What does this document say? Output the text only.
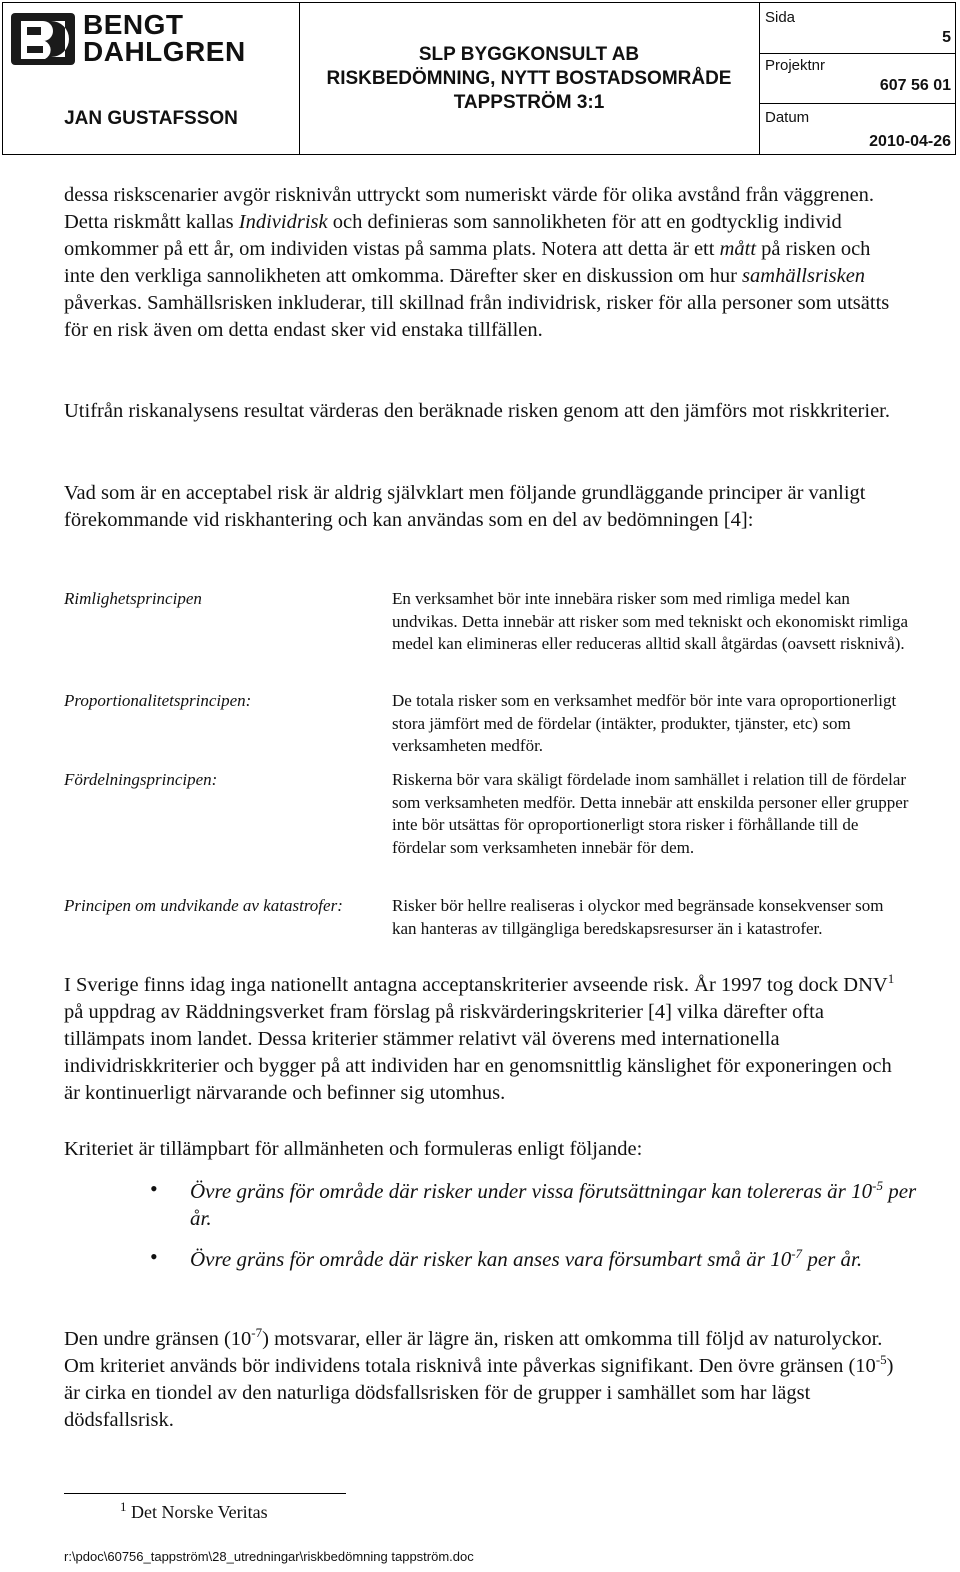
BENGT
DAHLGREN
JAN GUSTAFSSON
SLP BYGGKONSULT AB
RISKBEDÖMNING, NYTT BOSTADSOMRÅDE
TAPPSTRÖM 3:1
Sida
5
Projektnr
607 56 01
Datum
2010-04-26

dessa riskscenarier avgör risknivån uttryckt som numeriskt värde för olika avstånd från väggrenen. Detta riskmått kallas Individrisk och definieras som sannolikheten för att en godtycklig individ omkommer på ett år, om individen vistas på samma plats. Notera att detta är ett mått på risken och inte den verkliga sannolikheten att omkomma. Därefter sker en diskussion om hur samhällsrisken påverkas. Samhällsrisken inkluderar, till skillnad från individrisk, risker för alla personer som utsätts för en risk även om detta endast sker vid enstaka tillfällen.

Utifrån riskanalysens resultat värderas den beräknade risken genom att den jämförs mot riskkriterier.

Vad som är en acceptabel risk är aldrig självklart men följande grundläggande principer är vanligt förekommande vid riskhantering och kan användas som en del av bedömningen [4]:

Rimlighetsprincipen	En verksamhet bör inte innebära risker som med rimliga medel kan undvikas. Detta innebär att risker som med tekniskt och ekonomiskt rimliga medel kan elimineras eller reduceras alltid skall åtgärdas (oavsett risknivå).
Proportionalitetsprincipen:	De totala risker som en verksamhet medför bör inte vara oproportionerligt stora jämfört med de fördelar (intäkter, produkter, tjänster, etc) som verksamheten medför.
Fördelningsprincipen:	Riskerna bör vara skäligt fördelade inom samhället i relation till de fördelar som verksamheten medför. Detta innebär att enskilda personer eller grupper inte bör utsättas för oproportionerligt stora risker i förhållande till de fördelar som verksamheten innebär för dem.
Principen om undvikande av katastrofer:	Risker bör hellre realiseras i olyckor med begränsade konsekvenser som kan hanteras av tillgängliga beredskapsresurser än i katastrofer.

I Sverige finns idag inga nationellt antagna acceptanskriterier avseende risk. År 1997 tog dock DNV$^1$ på uppdrag av Räddningsverket fram förslag på riskvärderingskriterier [4] vilka därefter ofta tillämpats inom landet. Dessa kriterier stämmer relativt väl överens med internationella individriskkriterier och bygger på att individen har en genomsnittlig känslighet för exponeringen och är kontinuerligt närvarande och befinner sig utomhus.

Kriteriet är tillämpbart för allmänheten och formuleras enligt följande:

• Övre gräns för område där risker under vissa förutsättningar kan tolereras är $10^{-5}$ per år.
• Övre gräns för område där risker kan anses vara försumbart små är $10^{-7}$ per år.

Den undre gränsen $(10^{-7})$ motsvarar, eller är lägre än, risken att omkomma till följd av naturolyckor. Om kriteriet används bör individens totala risknivå inte påverkas signifikant. Den övre gränsen $(10^{-5})$ är cirka en tiondel av den naturliga dödsfallsrisken för de grupper i samhället som har lägst dödsfallsrisk.

$^1$ Det Norske Veritas
r:\pdoc\60756_tappström\28_utredningar\riskbedömning tappström.doc
